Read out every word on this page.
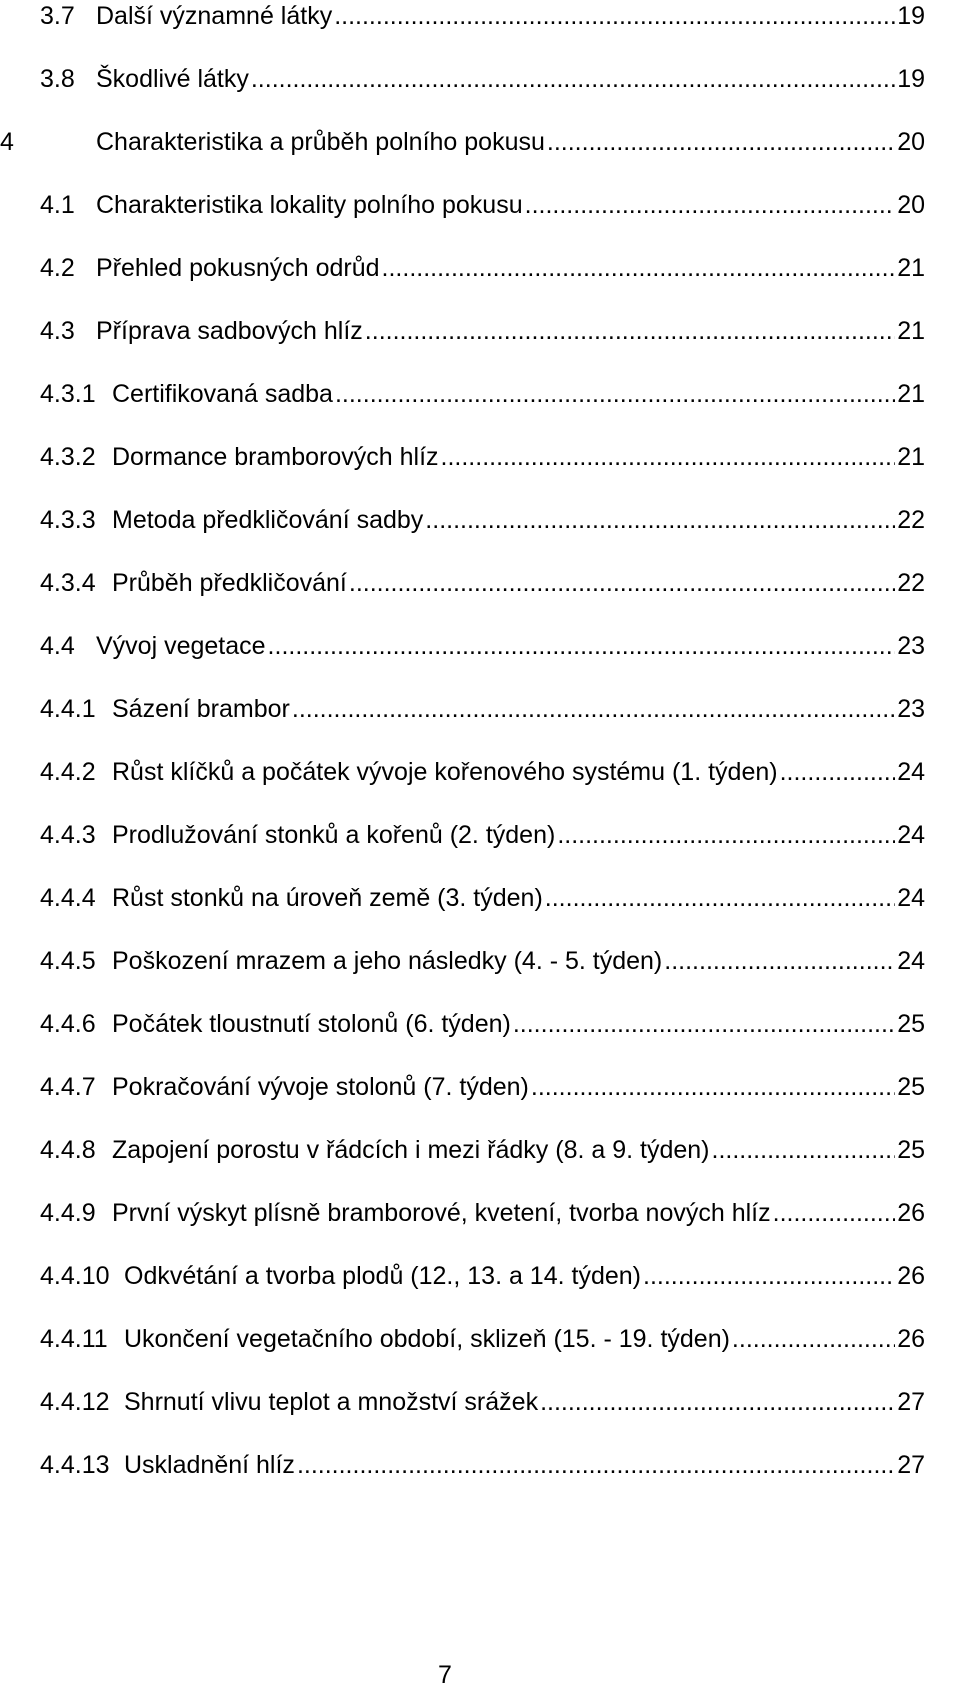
3.7 Další významné látky .....	19
3.8 Škodlivé látky .....	19
4	Charakteristika a průběh polního pokusu .....	20
4.1 Charakteristika lokality polního pokusu .....	20
4.2 Přehled pokusných odrůd .....	21
4.3 Příprava sadbových hlíz .....	21
4.3.1 Certifikovaná sadba .....	21
4.3.2 Dormance bramborových hlíz .....	21
4.3.3 Metoda předkličování sadby .....	22
4.3.4 Průběh předkličování .....	22
4.4 Vývoj vegetace .....	23
4.4.1 Sázení brambor .....	23
4.4.2 Růst klíčků a počátek vývoje kořenového systému (1. týden) .....	24
4.4.3 Prodlužování stonků a kořenů (2. týden) .....	24
4.4.4 Růst stonků na úroveň země (3. týden) .....	24
4.4.5 Poškození mrazem a jeho následky (4. - 5. týden) .....	24
4.4.6 Počátek tloustnutí stolonů (6. týden) .....	25
4.4.7 Pokračování vývoje stolonů (7. týden) .....	25
4.4.8 Zapojení porostu v řádcích i mezi řádky (8. a 9. týden) .....	25
4.4.9 První výskyt plísně bramborové, kvetení, tvorba nových hlíz .....	26
4.4.10 Odkvétání a tvorba plodů (12., 13. a 14. týden) .....	26
4.4.11 Ukončení vegetačního období, sklizeň (15. - 19. týden) .....	26
4.4.12 Shrnutí vlivu teplot a množství srážek .....	27
4.4.13 Uskladnění hlíz .....	27
7
